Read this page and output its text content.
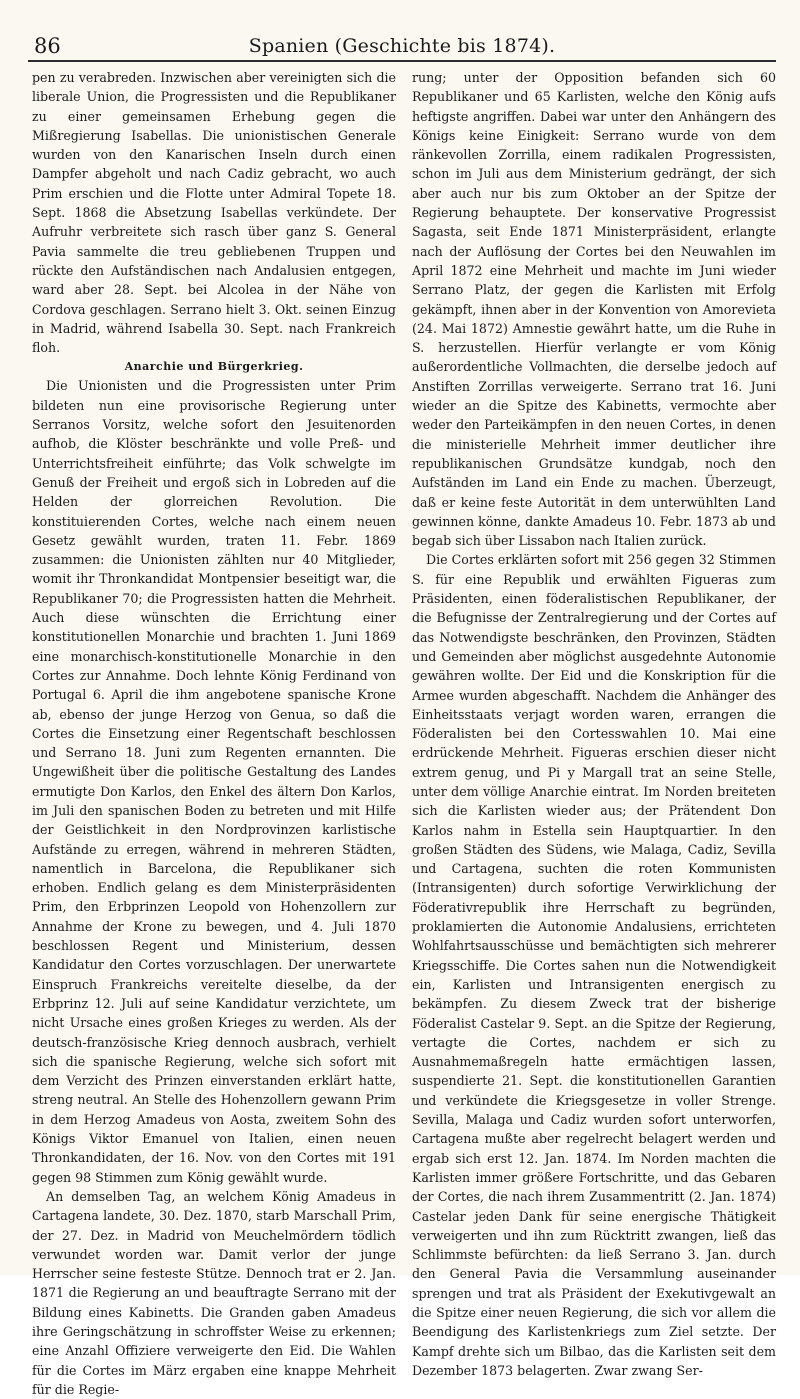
86	Spanien (Geschichte bis 1874).

pen zu verabreden. Inzwischen aber vereinigten sich die liberale Union, die Progressisten und die Republikaner zu einer gemeinsamen Erhebung gegen die Mißregierung Isabellas. Die unionistischen Generale wurden von den Kanarischen Inseln durch einen Dampfer abgeholt und nach Cadiz gebracht, wo auch Prim erschien und die Flotte unter Admiral Topete 18. Sept. 1868 die Absetzung Isabellas verkündete. Der Aufruhr verbreitete sich rasch über ganz S. General Pavia sammelte die treu gebliebenen Truppen und rückte den Aufständischen nach Andalusien entgegen, ward aber 28. Sept. bei Alcolea in der Nähe von Cordova geschlagen. Serrano hielt 3. Okt. seinen Einzug in Madrid, während Isabella 30. Sept. nach Frankreich floh.

Anarchie und Bürgerkrieg.

Die Unionisten und die Progressisten unter Prim bildeten nun eine provisorische Regierung unter Serranos Vorsitz, welche sofort den Jesuitenorden aufhob, die Klöster beschränkte und volle Preß- und Unterrichtsfreiheit einführte; das Volk schwelgte im Genuß der Freiheit und ergoß sich in Lobreden auf die Helden der glorreichen Revolution. Die konstituierenden Cortes, welche nach einem neuen Gesetz gewählt wurden, traten 11. Febr. 1869 zusammen: die Unionisten zählten nur 40 Mitglieder, womit ihr Thronkandidat Montpensier beseitigt war, die Republikaner 70; die Progressisten hatten die Mehrheit. Auch diese wünschten die Errichtung einer konstitutionellen Monarchie und brachten 1. Juni 1869 eine monarchisch-konstitutionelle Monarchie in den Cortes zur Annahme. Doch lehnte König Ferdinand von Portugal 6. April die ihm angebotene spanische Krone ab, ebenso der junge Herzog von Genua, so daß die Cortes die Einsetzung einer Regentschaft beschlossen und Serrano 18. Juni zum Regenten ernannten. Die Ungewißheit über die politische Gestaltung des Landes ermutigte Don Karlos, den Enkel des ältern Don Karlos, im Juli den spanischen Boden zu betreten und mit Hilfe der Geistlichkeit in den Nordprovinzen karlistische Aufstände zu erregen, während in mehreren Städten, namentlich in Barcelona, die Republikaner sich erhoben. Endlich gelang es dem Ministerpräsidenten Prim, den Erbprinzen Leopold von Hohenzollern zur Annahme der Krone zu bewegen, und 4. Juli 1870 beschlossen Regent und Ministerium, dessen Kandidatur den Cortes vorzuschlagen. Der unerwartete Einspruch Frankreichs vereitelte dieselbe, da der Erbprinz 12. Juli auf seine Kandidatur verzichtete, um nicht Ursache eines großen Krieges zu werden. Als der deutsch-französische Krieg dennoch ausbrach, verhielt sich die spanische Regierung, welche sich sofort mit dem Verzicht des Prinzen einverstanden erklärt hatte, streng neutral. An Stelle des Hohenzollern gewann Prim in dem Herzog Amadeus von Aosta, zweitem Sohn des Königs Viktor Emanuel von Italien, einen neuen Thronkandidaten, der 16. Nov. von den Cortes mit 191 gegen 98 Stimmen zum König gewählt wurde.

An demselben Tag, an welchem König Amadeus in Cartagena landete, 30. Dez. 1870, starb Marschall Prim, der 27. Dez. in Madrid von Meuchelmördern tödlich verwundet worden war. Damit verlor der junge Herrscher seine festeste Stütze. Dennoch trat er 2. Jan. 1871 die Regierung an und beauftragte Serrano mit der Bildung eines Kabinetts. Die Granden gaben Amadeus ihre Geringschätzung in schroffster Weise zu erkennen; eine Anzahl Offiziere verweigerte den Eid. Die Wahlen für die Cortes im März ergaben eine knappe Mehrheit für die Regie-

rung; unter der Opposition befanden sich 60 Republikaner und 65 Karlisten, welche den König aufs heftigste angriffen. Dabei war unter den Anhängern des Königs keine Einigkeit: Serrano wurde von dem ränkevollen Zorrilla, einem radikalen Progressisten, schon im Juli aus dem Ministerium gedrängt, der sich aber auch nur bis zum Oktober an der Spitze der Regierung behauptete. Der konservative Progressist Sagasta, seit Ende 1871 Ministerpräsident, erlangte nach der Auflösung der Cortes bei den Neuwahlen im April 1872 eine Mehrheit und machte im Juni wieder Serrano Platz, der gegen die Karlisten mit Erfolg gekämpft, ihnen aber in der Konvention von Amorevieta (24. Mai 1872) Amnestie gewährt hatte, um die Ruhe in S. herzustellen. Hierfür verlangte er vom König außerordentliche Vollmachten, die derselbe jedoch auf Anstiften Zorrillas verweigerte. Serrano trat 16. Juni wieder an die Spitze des Kabinetts, vermochte aber weder den Parteikämpfen in den neuen Cortes, in denen die ministerielle Mehrheit immer deutlicher ihre republikanischen Grundsätze kundgab, noch den Aufständen im Land ein Ende zu machen. Überzeugt, daß er keine feste Autorität in dem unterwühlten Land gewinnen könne, dankte Amadeus 10. Febr. 1873 ab und begab sich über Lissabon nach Italien zurück.

Die Cortes erklärten sofort mit 256 gegen 32 Stimmen S. für eine Republik und erwählten Figueras zum Präsidenten, einen föderalistischen Republikaner, der die Befugnisse der Zentralregierung und der Cortes auf das Notwendigste beschränken, den Provinzen, Städten und Gemeinden aber möglichst ausgedehnte Autonomie gewähren wollte. Der Eid und die Konskription für die Armee wurden abgeschafft. Nachdem die Anhänger des Einheitsstaats verjagt worden waren, errangen die Föderalisten bei den Cortesswahlen 10. Mai eine erdrückende Mehrheit. Figueras erschien dieser nicht extrem genug, und Pi y Margall trat an seine Stelle, unter dem völlige Anarchie eintrat. Im Norden breiteten sich die Karlisten wieder aus; der Prätendent Don Karlos nahm in Estella sein Hauptquartier. In den großen Städten des Südens, wie Malaga, Cadiz, Sevilla und Cartagena, suchten die roten Kommunisten (Intransigenten) durch sofortige Verwirklichung der Föderativrepublik ihre Herrschaft zu begründen, proklamierten die Autonomie Andalusiens, errichteten Wohlfahrtsausschüsse und bemächtigten sich mehrerer Kriegsschiffe. Die Cortes sahen nun die Notwendigkeit ein, Karlisten und Intransigenten energisch zu bekämpfen. Zu diesem Zweck trat der bisherige Föderalist Castelar 9. Sept. an die Spitze der Regierung, vertagte die Cortes, nachdem er sich zu Ausnahmemaßregeln hatte ermächtigen lassen, suspendierte 21. Sept. die konstitutionellen Garantien und verkündete die Kriegsgesetze in voller Strenge. Sevilla, Malaga und Cadiz wurden sofort unterworfen, Cartagena mußte aber regelrecht belagert werden und ergab sich erst 12. Jan. 1874. Im Norden machten die Karlisten immer größere Fortschritte, und das Gebaren der Cortes, die nach ihrem Zusammentritt (2. Jan. 1874) Castelar jeden Dank für seine energische Thätigkeit verweigerten und ihn zum Rücktritt zwangen, ließ das Schlimmste befürchten: da ließ Serrano 3. Jan. durch den General Pavia die Versammlung auseinander sprengen und trat als Präsident der Exekutivgewalt an die Spitze einer neuen Regierung, die sich vor allem die Beendigung des Karlistenkriegs zum Ziel setzte. Der Kampf drehte sich um Bilbao, das die Karlisten seit dem Dezember 1873 belagerten. Zwar zwang Ser-
